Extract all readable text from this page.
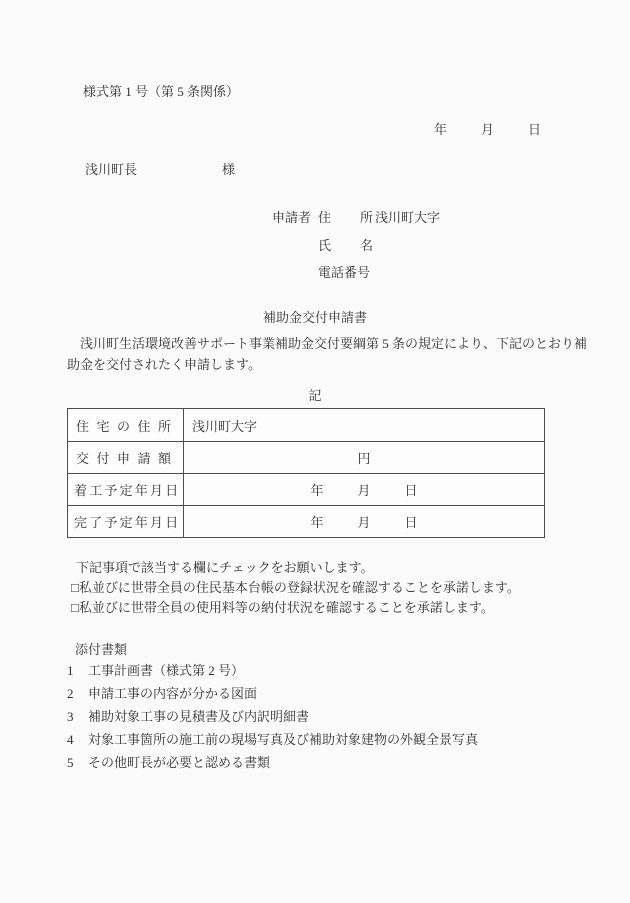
様式第 1 号（第 5 条関係）
年	月	日
浅川町長	様
申請者 住 所 浅川町大字
氏 名
電話番号
補助金交付申請書
　浅川町生活環境改善サポート事業補助金交付要綱第 5 条の規定により、下記のとおり補
助金を交付されたく申請します。
記
住宅の住所	浅川町大字
交付申請額	円
着工予定年月日	年	月	日
完了予定年月日	年	月	日
下記事項で該当する欄にチェックをお願いします。
□私並びに世帯全員の住民基本台帳の登録状況を確認することを承諾します。
□私並びに世帯全員の使用料等の納付状況を確認することを承諾します。
添付書類
1	工事計画書（様式第 2 号）
2	申請工事の内容が分かる図面
3	補助対象工事の見積書及び内訳明細書
4	対象工事箇所の施工前の現場写真及び補助対象建物の外観全景写真
5	その他町長が必要と認める書類
